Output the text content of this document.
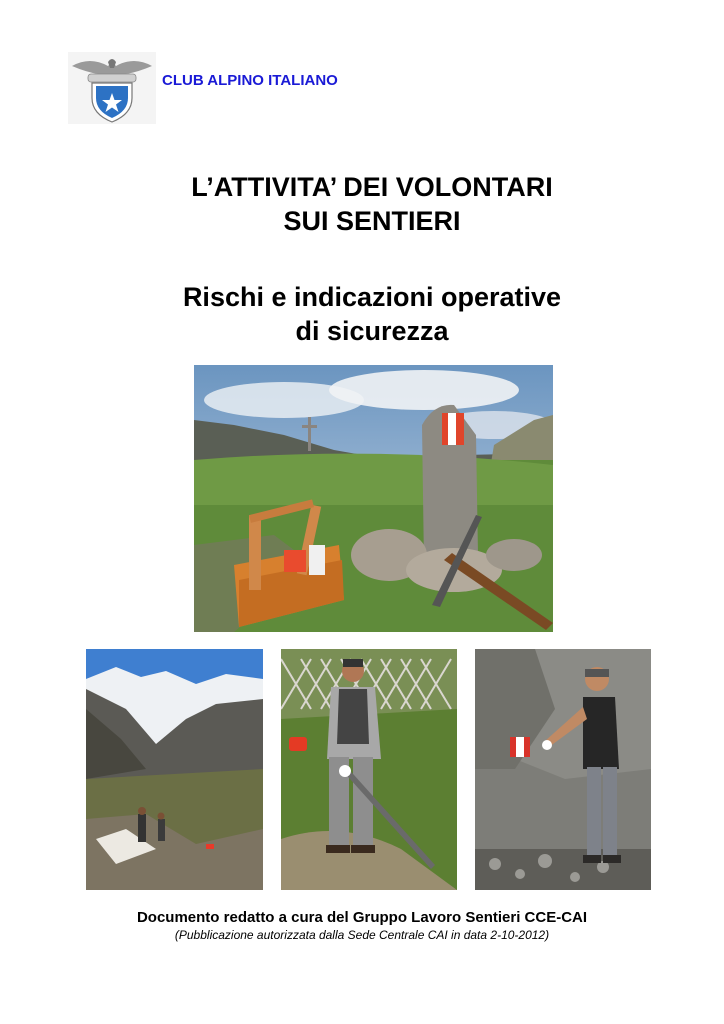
CLUB ALPINO ITALIANO
L’ATTIVITA’ DEI VOLONTARI
SUI SENTIERI
Rischi e indicazioni operative
di sicurezza
Documento redatto a cura del Gruppo Lavoro Sentieri CCE-CAI
(Pubblicazione autorizzata dalla Sede Centrale CAI in data 2-10-2012)
